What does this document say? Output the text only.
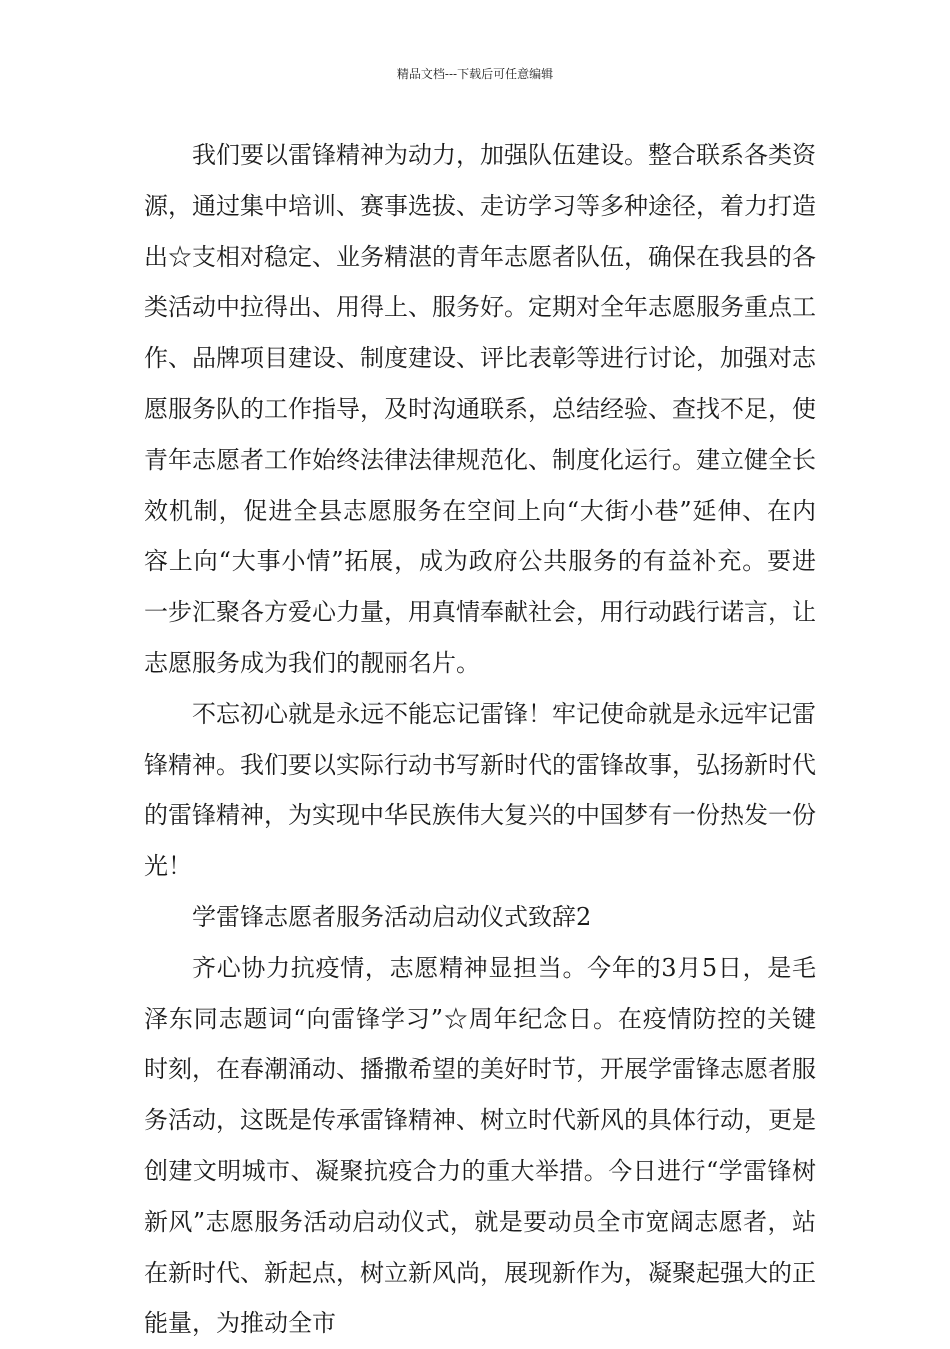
精品文档---下载后可任意编辑

我们要以雷锋精神为动力，加强队伍建设。整合联系各类资源，通过集中培训、赛事选拔、走访学习等多种途径，着力打造出☆支相对稳定、业务精湛的青年志愿者队伍，确保在我县的各类活动中拉得出、用得上、服务好。定期对全年志愿服务重点工作、品牌项目建设、制度建设、评比表彰等进行讨论，加强对志愿服务队的工作指导，及时沟通联系，总结经验、查找不足，使青年志愿者工作始终法律法律规范化、制度化运行。建立健全长效机制，促进全县志愿服务在空间上向“大街小巷”延伸、在内容上向“大事小情”拓展，成为政府公共服务的有益补充。要进一步汇聚各方爱心力量，用真情奉献社会，用行动践行诺言，让志愿服务成为我们的靓丽名片。

不忘初心就是永远不能忘记雷锋！牢记使命就是永远牢记雷锋精神。我们要以实际行动书写新时代的雷锋故事，弘扬新时代的雷锋精神，为实现中华民族伟大复兴的中国梦有一份热发一份光！

学雷锋志愿者服务活动启动仪式致辞2

齐心协力抗疫情，志愿精神显担当。今年的3月5日，是毛泽东同志题词“向雷锋学习”☆周年纪念日。在疫情防控的关键时刻，在春潮涌动、播撒希望的美好时节，开展学雷锋志愿者服务活动，这既是传承雷锋精神、树立时代新风的具体行动，更是创建文明城市、凝聚抗疫合力的重大举措。今日进行“学雷锋树新风”志愿服务活动启动仪式，就是要动员全市宽阔志愿者，站在新时代、新起点，树立新风尚，展现新作为，凝聚起强大的正能量，为推动全市
